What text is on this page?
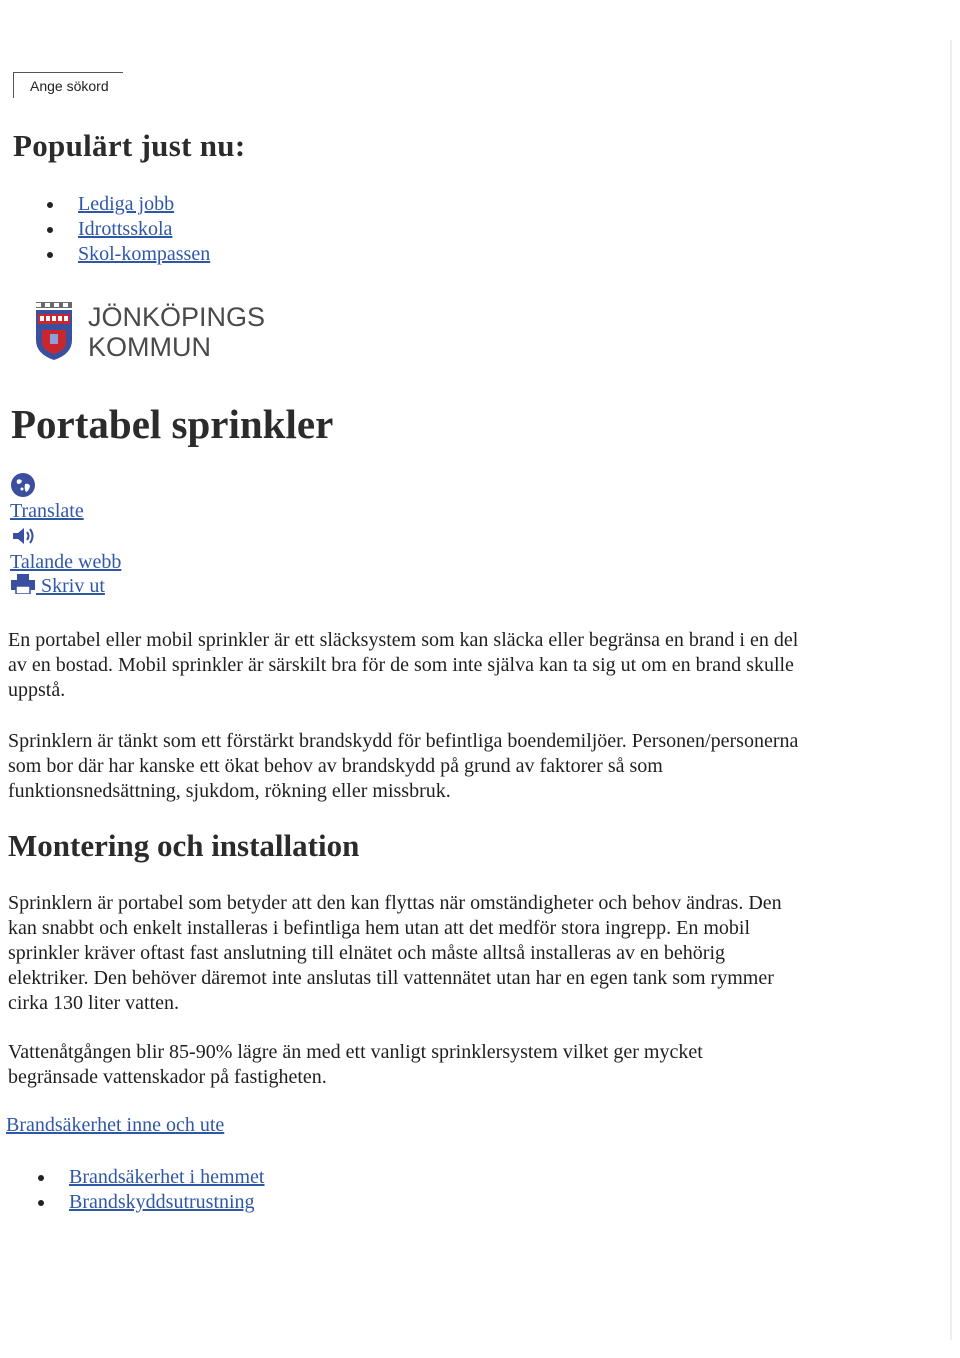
Ange sökord
Populärt just nu:
Lediga jobb
Idrottsskola
Skol-kompassen
JÖNKÖPINGS
KOMMUN
Portabel sprinkler
Translate
Talande webb
Skriv ut

En portabel eller mobil sprinkler är ett släcksystem som kan släcka eller begränsa en brand i en del av en bostad. Mobil sprinkler är särskilt bra för de som inte själva kan ta sig ut om en brand skulle uppstå.

Sprinklern är tänkt som ett förstärkt brandskydd för befintliga boendemiljöer. Personen/personerna som bor där har kanske ett ökat behov av brandskydd på grund av faktorer så som funktionsnedsättning, sjukdom, rökning eller missbruk.

Montering och installation

Sprinklern är portabel som betyder att den kan flyttas när omständigheter och behov ändras. Den kan snabbt och enkelt installeras i befintliga hem utan att det medför stora ingrepp. En mobil sprinkler kräver oftast fast anslutning till elnätet och måste alltså installeras av en behörig elektriker. Den behöver däremot inte anslutas till vattennätet utan har en egen tank som rymmer cirka 130 liter vatten.

Vattenåtgången blir 85-90% lägre än med ett vanligt sprinklersystem vilket ger mycket begränsade vattenskador på fastigheten.

Brandsäkerhet inne och ute
Brandsäkerhet i hemmet
Brandskyddsutrustning
